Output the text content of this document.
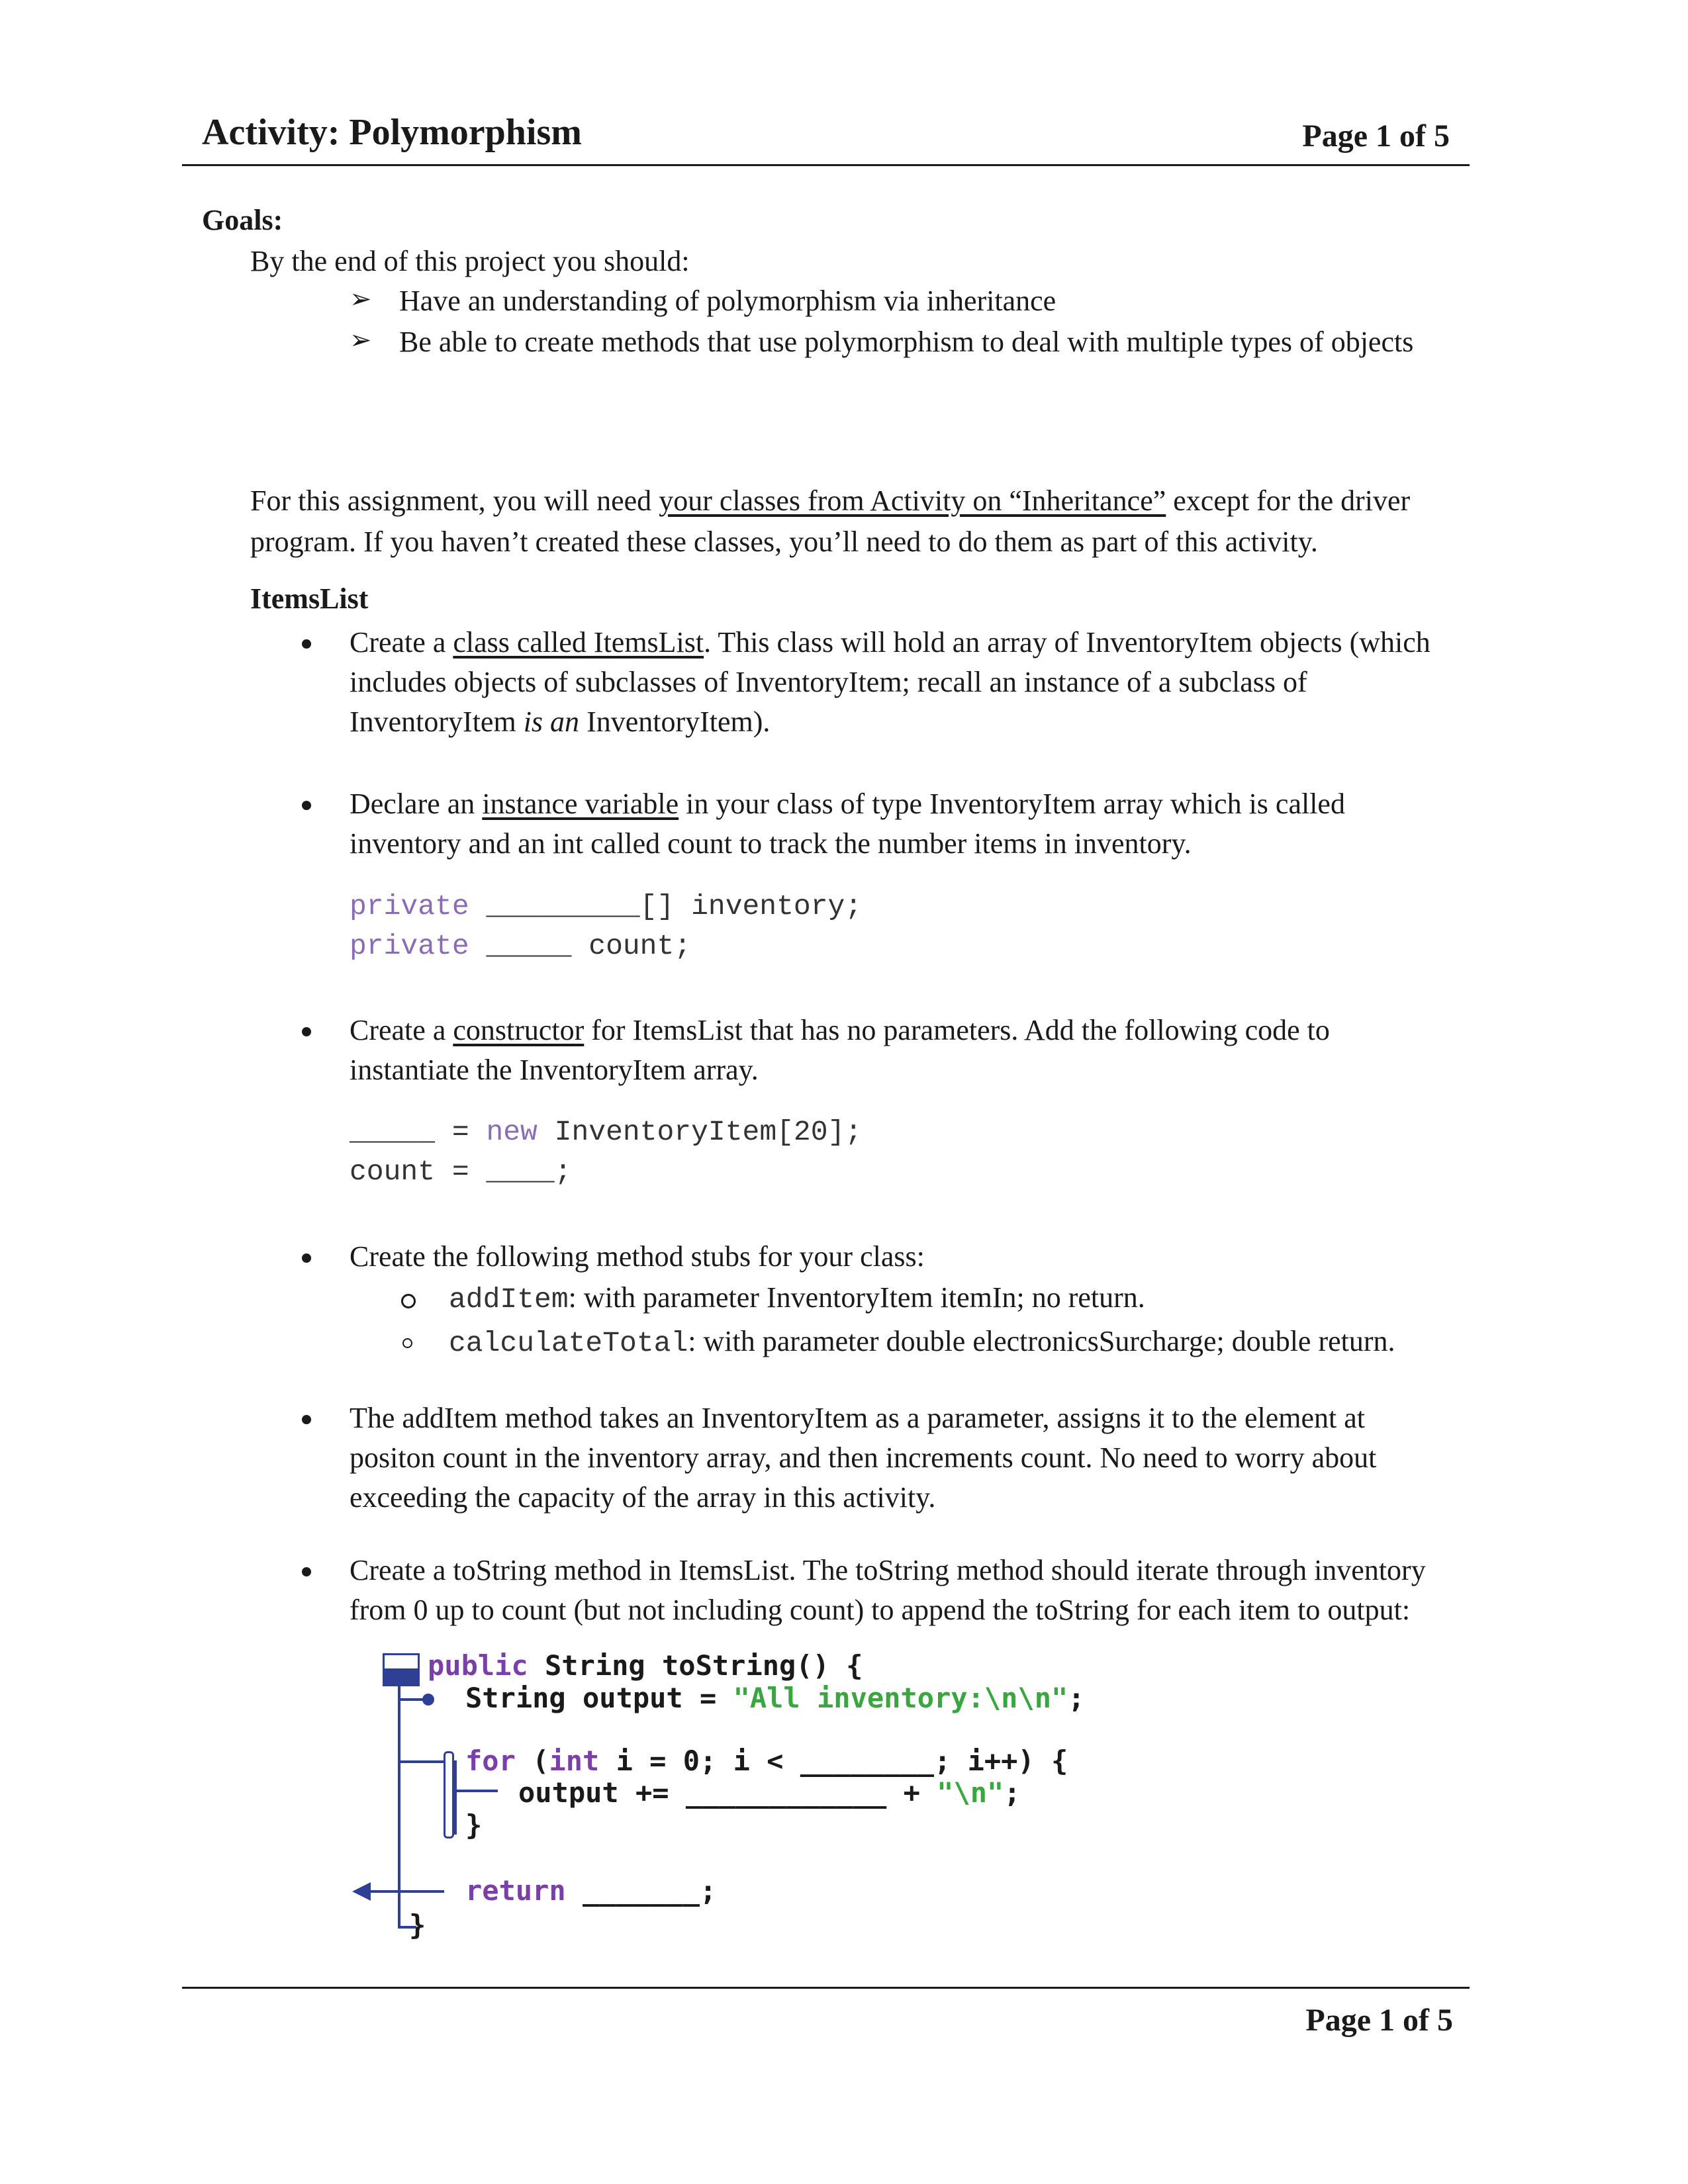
Activity: Polymorphism	Page 1 of 5
Goals:
By the end of this project you should:
➢ Have an understanding of polymorphism via inheritance
➢ Be able to create methods that use polymorphism to deal with multiple types of objects
For this assignment, you will need your classes from Activity on “Inheritance” except for the driver
program. If you haven’t created these classes, you’ll need to do them as part of this activity.
ItemsList
Create a class called ItemsList. This class will hold an array of InventoryItem objects (which
includes objects of subclasses of InventoryItem; recall an instance of a subclass of
InventoryItem is an InventoryItem).
Declare an instance variable in your class of type InventoryItem array which is called
inventory and an int called count to track the number items in inventory.
private _________[] inventory;
private _____ count;
Create a constructor for ItemsList that has no parameters. Add the following code to
instantiate the InventoryItem array.
_____ = new InventoryItem[20];
count = ____;
Create the following method stubs for your class:
addItem: with parameter InventoryItem itemIn; no return.
calculateTotal: with parameter double electronicsSurcharge; double return.
The addItem method takes an InventoryItem as a parameter, assigns it to the element at
positon count in the inventory array, and then increments count. No need to worry about
exceeding the capacity of the array in this activity.
Create a toString method in ItemsList. The toString method should iterate through inventory
from 0 up to count (but not including count) to append the toString for each item to output:
public String toString() {
String output = "All inventory:\n\n";
for (int i = 0; i < ________; i++) {
output += ____________ + "\n";
}
return _______;
}
Page 1 of 5
